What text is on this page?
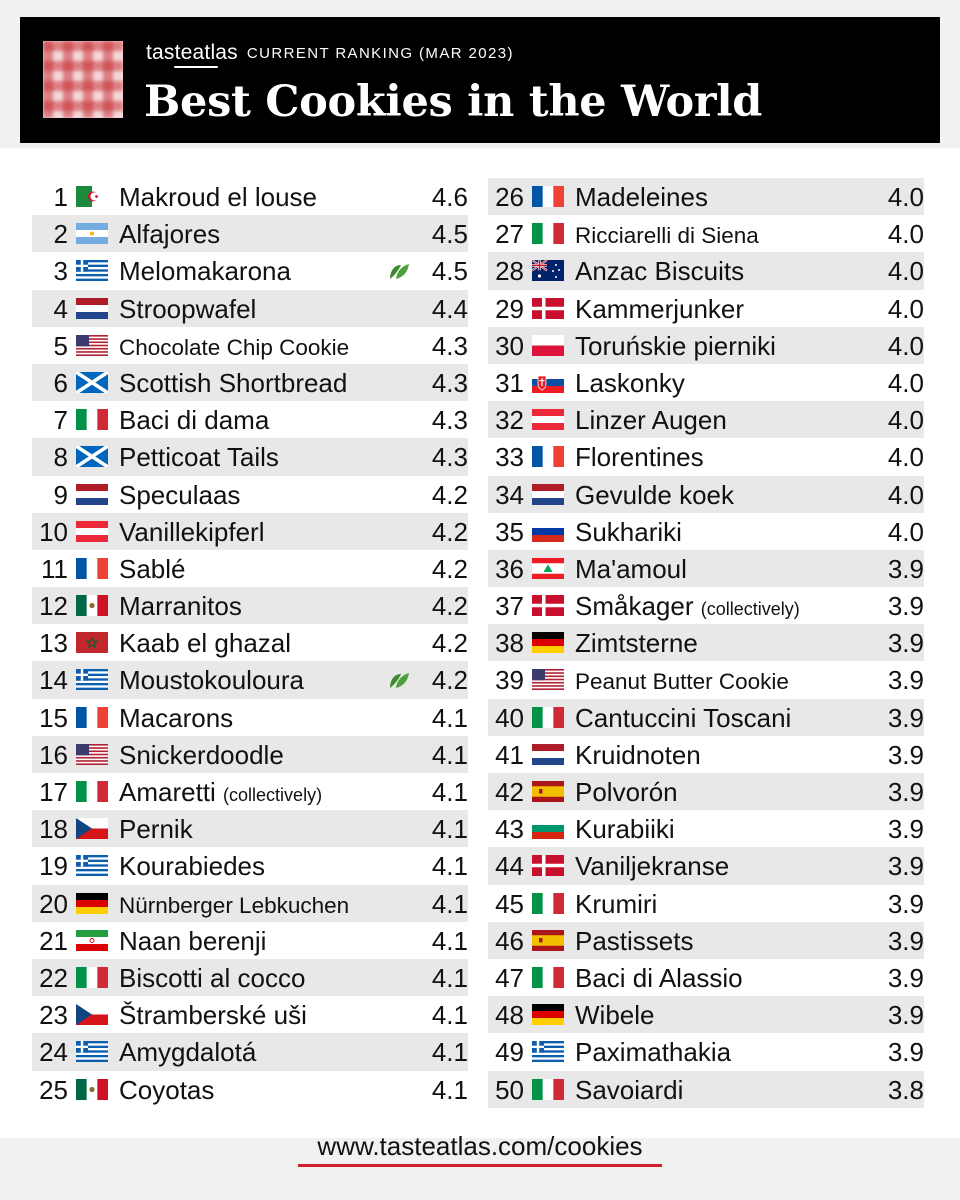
tasteatlas CURRENT RANKING (MAR 2023)
Best Cookies in the World
1 Makroud el louse	4.6
2 Alfajores	4.5
3 Melomakarona	4.5
4 Stroopwafel	4.4
5 Chocolate Chip Cookie	4.3
6 Scottish Shortbread	4.3
7 Baci di dama	4.3
8 Petticoat Tails	4.3
9 Speculaas	4.2
10 Vanillekipferl	4.2
11 Sablé	4.2
12 Marranitos	4.2
13 Kaab el ghazal	4.2
14 Moustokouloura	4.2
15 Macarons	4.1
16 Snickerdoodle	4.1
17 Amaretti (collectively)	4.1
18 Pernik	4.1
19 Kourabiedes	4.1
20 Nürnberger Lebkuchen	4.1
21 Naan berenji	4.1
22 Biscotti al cocco	4.1
23 Štramberské uši	4.1
24 Amygdalotá	4.1
25 Coyotas	4.1
26 Madeleines	4.0
27 Ricciarelli di Siena	4.0
28 Anzac Biscuits	4.0
29 Kammerjunker	4.0
30 Toruńskie pierniki	4.0
31 Laskonky	4.0
32 Linzer Augen	4.0
33 Florentines	4.0
34 Gevulde koek	4.0
35 Sukhariki	4.0
36 Ma'amoul	3.9
37 Småkager (collectively)	3.9
38 Zimtsterne	3.9
39 Peanut Butter Cookie	3.9
40 Cantuccini Toscani	3.9
41 Kruidnoten	3.9
42 Polvorón	3.9
43 Kurabiiki	3.9
44 Vaniljekranse	3.9
45 Krumiri	3.9
46 Pastissets	3.9
47 Baci di Alassio	3.9
48 Wibele	3.9
49 Paximathakia	3.9
50 Savoiardi	3.8
www.tasteatlas.com/cookies
